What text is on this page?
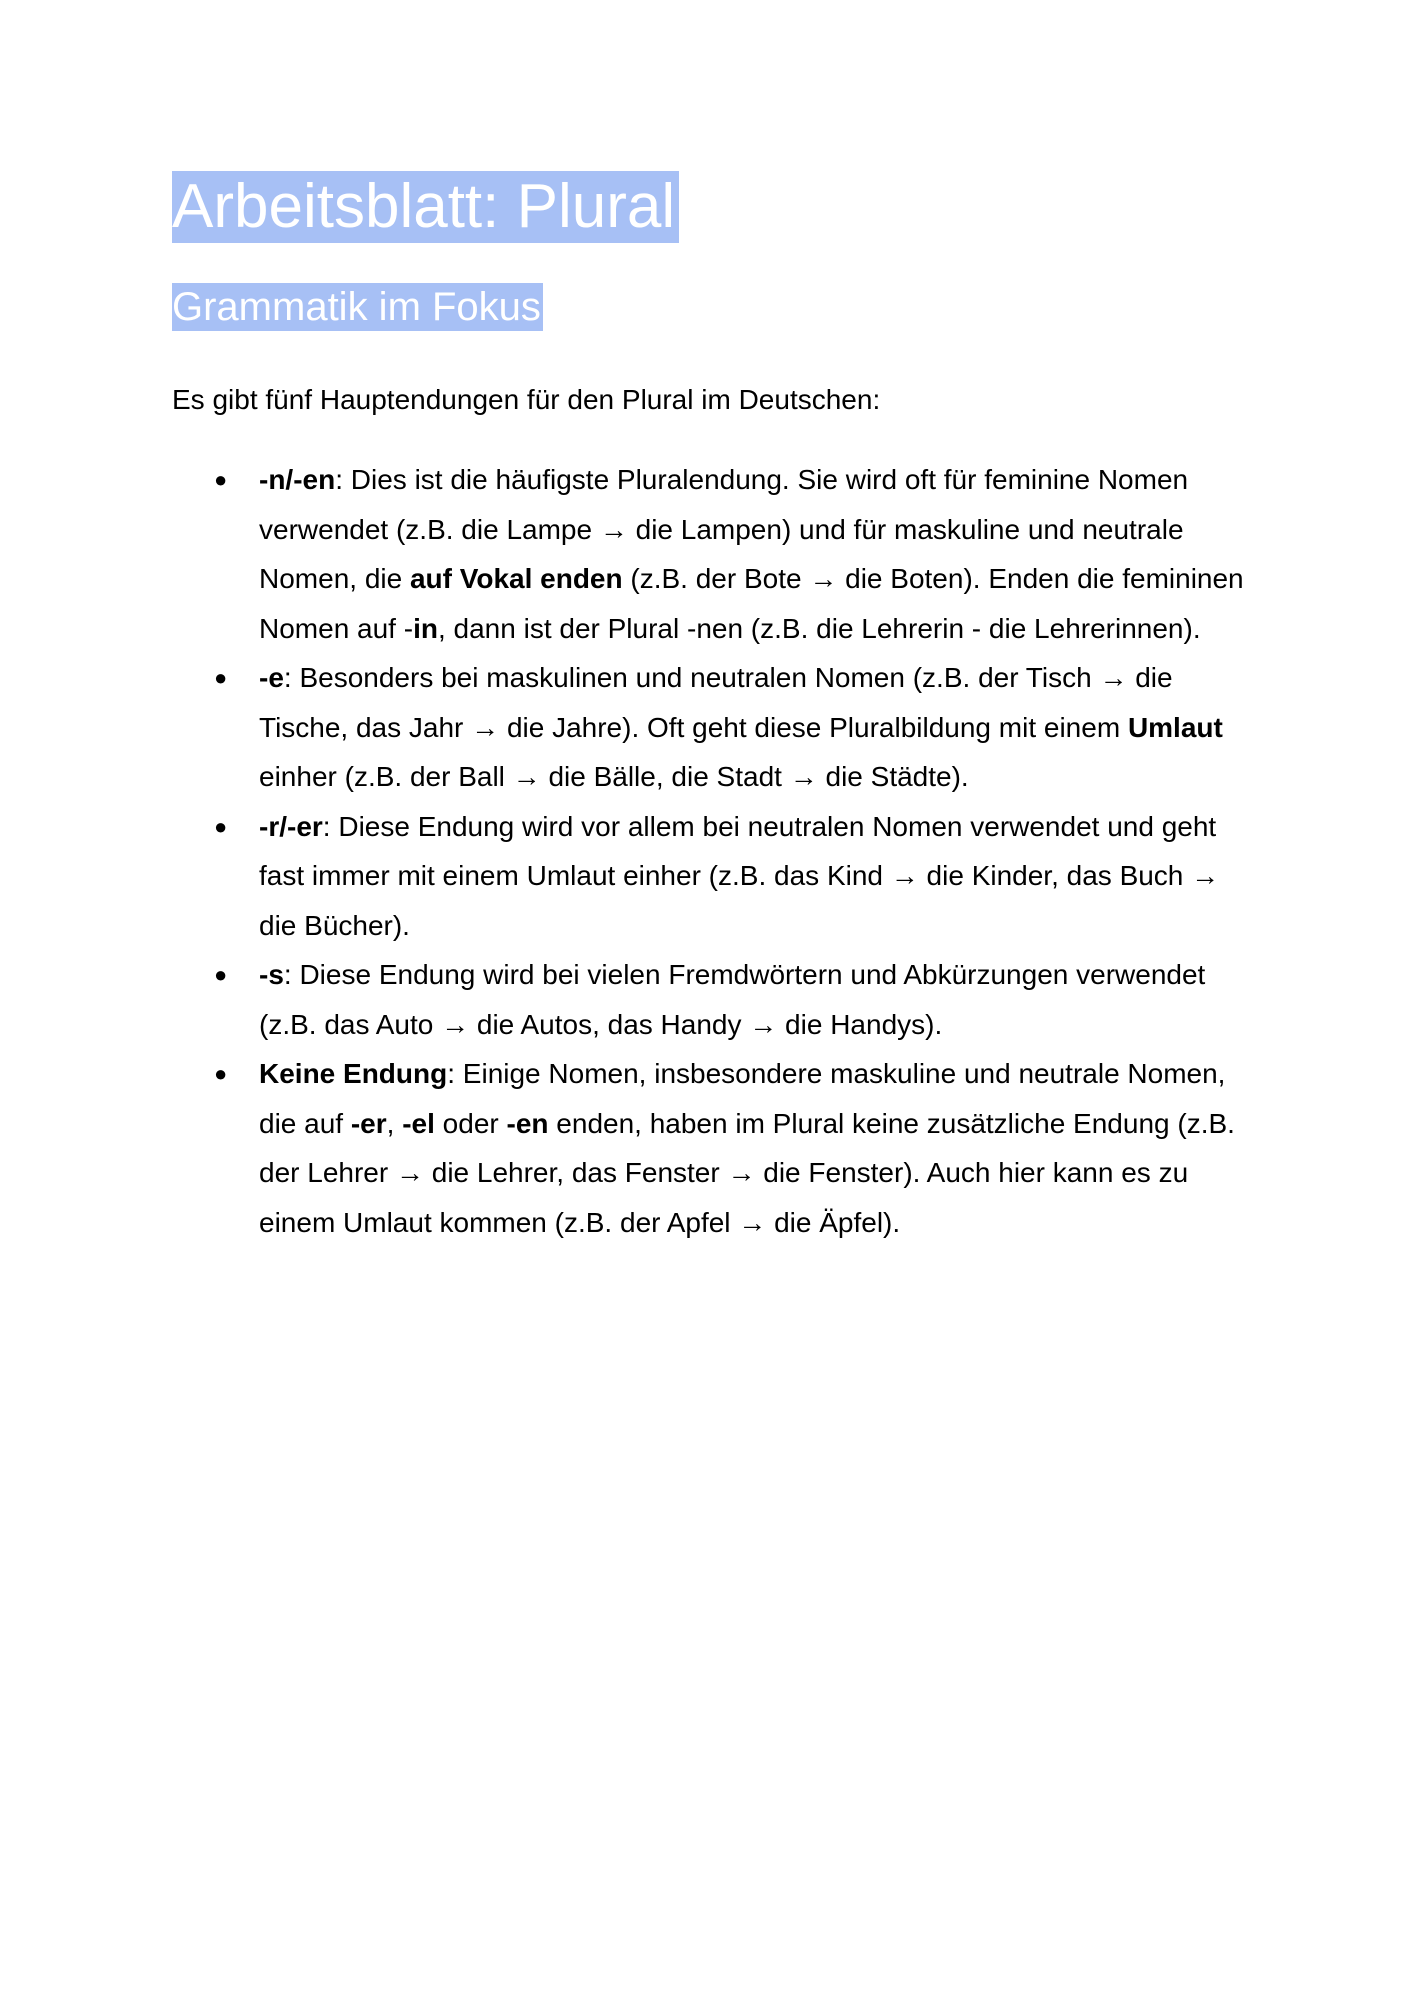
Arbeitsblatt: Plural
Grammatik im Fokus

Es gibt fünf Hauptendungen für den Plural im Deutschen:

● -n/-en: Dies ist die häufigste Pluralendung. Sie wird oft für feminine Nomen verwendet (z.B. die Lampe → die Lampen) und für maskuline und neutrale Nomen, die auf Vokal enden (z.B. der Bote → die Boten). Enden die femininen Nomen auf -in, dann ist der Plural -nen (z.B. die Lehrerin - die Lehrerinnen).
● -e: Besonders bei maskulinen und neutralen Nomen (z.B. der Tisch → die Tische, das Jahr → die Jahre). Oft geht diese Pluralbildung mit einem Umlaut einher (z.B. der Ball → die Bälle, die Stadt → die Städte).
● -r/-er: Diese Endung wird vor allem bei neutralen Nomen verwendet und geht fast immer mit einem Umlaut einher (z.B. das Kind → die Kinder, das Buch → die Bücher).
● -s: Diese Endung wird bei vielen Fremdwörtern und Abkürzungen verwendet (z.B. das Auto → die Autos, das Handy → die Handys).
● Keine Endung: Einige Nomen, insbesondere maskuline und neutrale Nomen, die auf -er, -el oder -en enden, haben im Plural keine zusätzliche Endung (z.B. der Lehrer → die Lehrer, das Fenster → die Fenster). Auch hier kann es zu einem Umlaut kommen (z.B. der Apfel → die Äpfel).
